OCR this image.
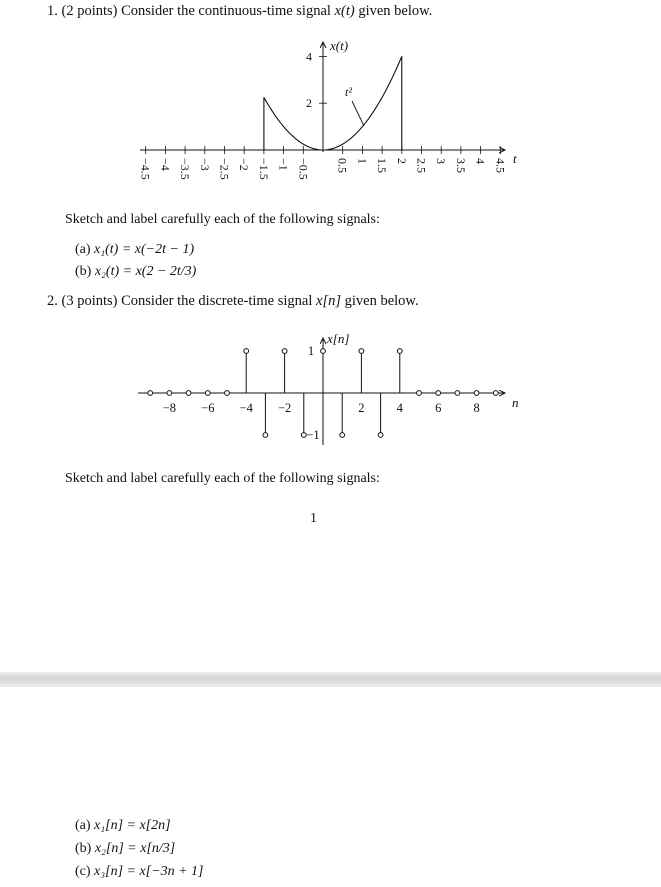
1. (2 points) Consider the continuous-time signal x(t) given below.
−4.5 −4 −3.5 −3 −2.5 −2 −1.5 −1 −0.5 0.5 1 1.5 2 2.5 3 3.5 4 4.5
2
4
t²
x(t)
t
Sketch and label carefully each of the following signals:
(a) x₁(t) = x(−2t − 1)
(b) x₂(t) = x(2 − 2t/3)
2. (3 points) Consider the discrete-time signal x[n] given below.
−8 −6 −4 −2	2	4	6	8
1
−1
x[n]
n
Sketch and label carefully each of the following signals:
1
(a) x₁[n] = x[2n]
(b) x₂[n] = x[n/3]
(c) x₃[n] = x[−3n + 1]
